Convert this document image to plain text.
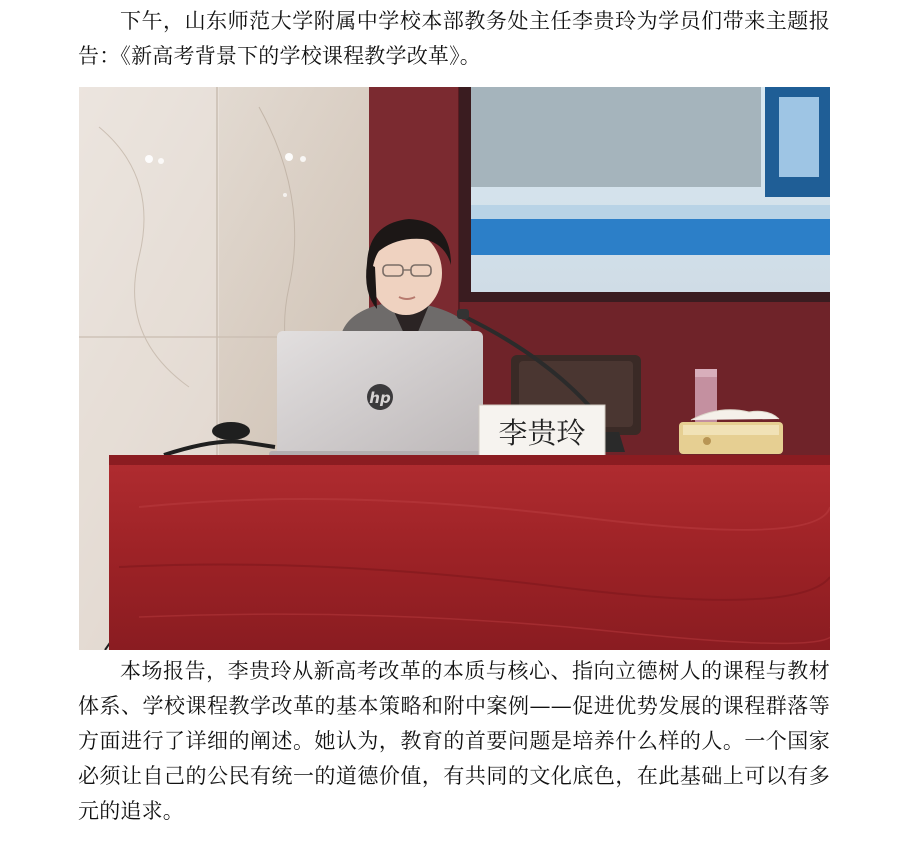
下午，山东师范大学附属中学校本部教务处主任李贵玲为学员们带来主题报告：《新高考背景下的学校课程教学改革》。

hp
李贵玲

本场报告，李贵玲从新高考改革的本质与核心、指向立德树人的课程与教材体系、学校课程教学改革的基本策略和附中案例——促进优势发展的课程群落等方面进行了详细的阐述。她认为，教育的首要问题是培养什么样的人。一个国家必须让自己的公民有统一的道德价值，有共同的文化底色，在此基础上可以有多元的追求。
